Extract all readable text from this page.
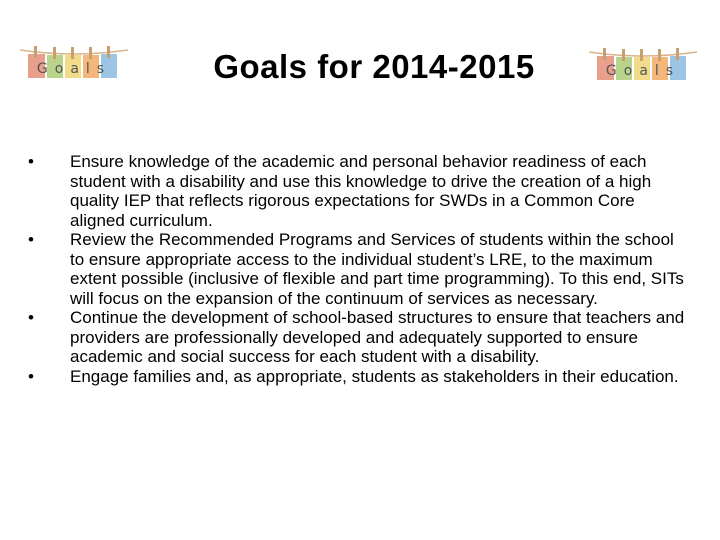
Goals	Goals for 2014-2015	Goals
• Ensure knowledge of the academic and personal behavior readiness of each student with a disability and use this knowledge to drive the creation of a high quality IEP that reflects rigorous expectations for SWDs in a Common Core aligned curriculum.
• Review the Recommended Programs and Services of students within the school to ensure appropriate access to the individual student’s LRE, to the maximum extent possible (inclusive of flexible and part time programming). To this end, SITs will focus on the expansion of the continuum of services as necessary.
• Continue the development of school-based structures to ensure that teachers and providers are professionally developed and adequately supported to ensure academic and social success for each student with a disability.
• Engage families and, as appropriate, students as stakeholders in their education.
